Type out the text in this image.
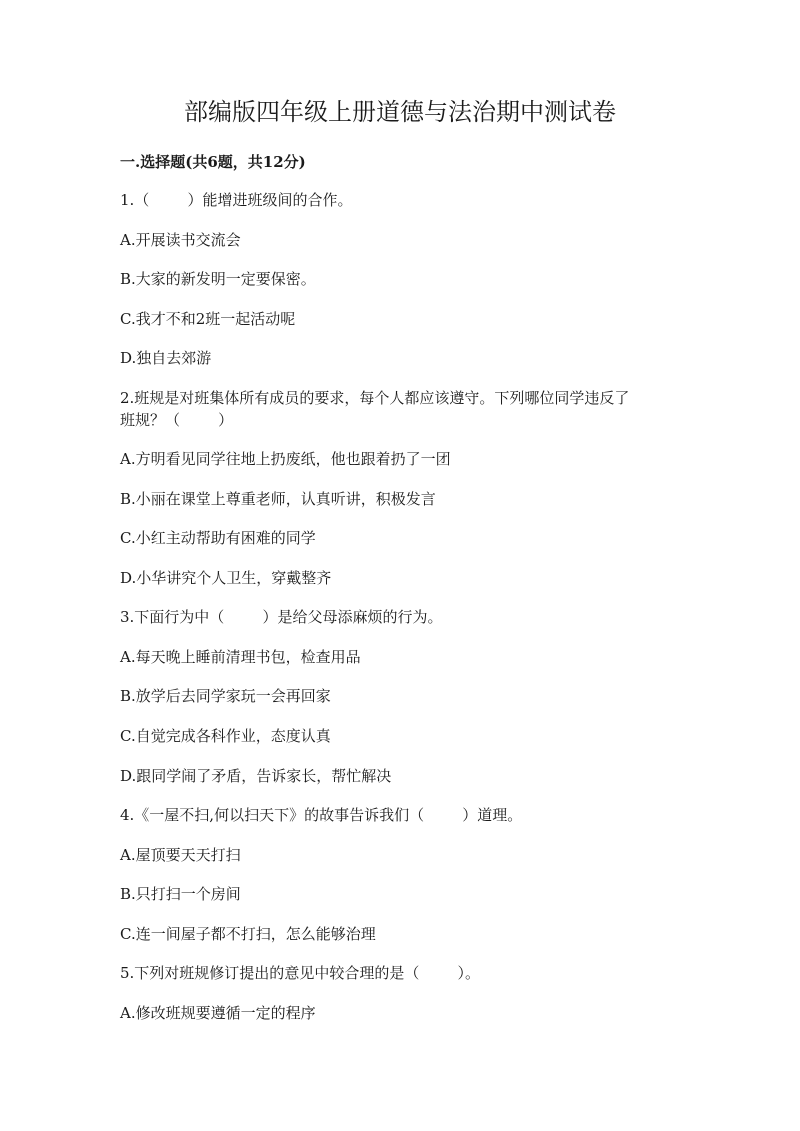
部编版四年级上册道德与法治期中测试卷
一.选择题(共6题，共12分)
1.（        ）能增进班级间的合作。
A.开展读书交流会
B.大家的新发明一定要保密。
C.我才不和2班一起活动呢
D.独自去郊游
2.班规是对班集体所有成员的要求，每个人都应该遵守。下列哪位同学违反了
班规？（        ）
A.方明看见同学往地上扔废纸，他也跟着扔了一团
B.小丽在课堂上尊重老师，认真听讲，积极发言
C.小红主动帮助有困难的同学
D.小华讲究个人卫生，穿戴整齐
3.下面行为中（        ）是给父母添麻烦的行为。
A.每天晚上睡前清理书包，检查用品
B.放学后去同学家玩一会再回家
C.自觉完成各科作业，态度认真
D.跟同学闹了矛盾，告诉家长，帮忙解决
4.《一屋不扫,何以扫天下》的故事告诉我们（        ）道理。
A.屋顶要天天打扫
B.只打扫一个房间
C.连一间屋子都不打扫，怎么能够治理
5.下列对班规修订提出的意见中较合理的是（        ）。
A.修改班规要遵循一定的程序
